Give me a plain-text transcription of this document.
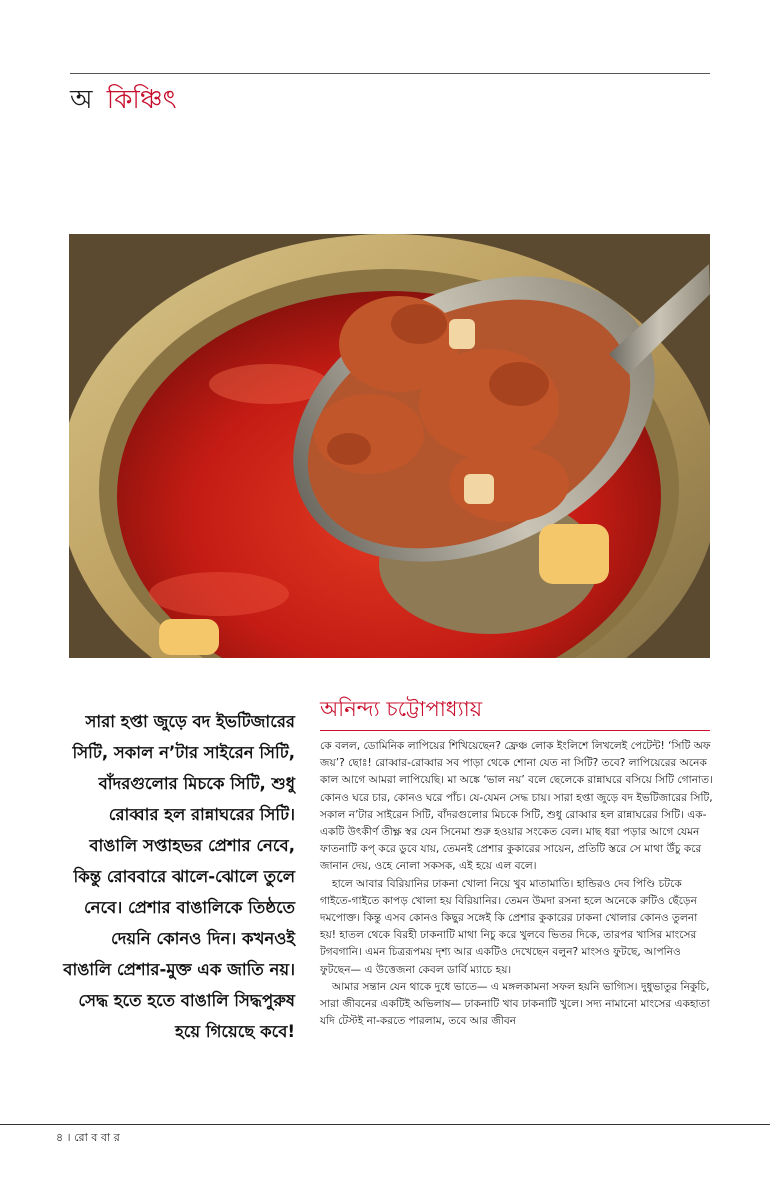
অ কিঞ্চিৎ
সারা হপ্তা জুড়ে বদ ইভটিজারের সিটি, সকাল ন’টার সাইরেন সিটি, বাঁদরগুলোর মিচকে সিটি, শুধু রোব্বার হল রান্নাঘরের সিটি। বাঙালি সপ্তাহভর প্রেশার নেবে, কিন্তু রোববারে ঝালে-ঝোলে তুলে নেবে। প্রেশার বাঙালিকে তিষ্ঠতে দেয়নি কোনও দিন। কখনওই বাঙালি প্রেশার-মুক্ত এক জাতি নয়। সেদ্ধ হতে হতে বাঙালি সিদ্ধপুরুষ হয়ে গিয়েছে কবে!
অনিন্দ্য চট্টোপাধ্যায়

কে বলল, ডোমিনিক লাপিয়ের শিখিয়েছেন? ফ্রেঞ্চ লোক ইংলিশে লিখলেই পেটেন্ট! ‘সিটি অফ জয়’? ছোঃ! রোব্বার-রোব্বার সব পাড়া থেকে শোনা যেত না সিটি? তবে? লাপিয়েরের অনেক কাল আগে আমরা লাপিয়েছি। মা অঙ্কে ‘ভাল নয়’ বলে ছেলেকে রান্নাঘরে বসিয়ে সিটি গোনাত। কোনও ঘরে চার, কোনও ঘরে পাঁচ। যে-যেমন সেদ্ধ চায়। সারা হপ্তা জুড়ে বদ ইভটিজারের সিটি, সকাল ন’টার সাইরেন সিটি, বাঁদরগুলোর মিচকে সিটি, শুধু রোব্বার হল রান্নাঘরের সিটি। এক-একটি উৎকীর্ণ তীক্ষ্ণ স্বর যেন সিনেমা শুরু হওয়ার সংকেত বেল। মাছ ধরা পড়ার আগে যেমন ফাতনাটি কপ্‌ করে ডুবে যায়, তেমনই প্রেশার কুকারের সায়েন, প্রতিটি স্তরে সে মাথা উঁচু করে জানান দেয়, ওহে নোলা সকসক, এই হয়ে এল বলে।

হালে আবার বিরিয়ানির ঢাকনা খোলা নিয়ে খুব মাতামাতি। হান্ডিরও দেব পিণ্ডি চটকে গাইতে-গাইতে কাপড় খোলা হয় বিরিয়ানির। তেমন উমদা রসনা হলে অনেকে রুটিও ছেঁড়েন দমপোক্ত। কিন্তু এসব কোনও কিছুর সঙ্গেই কি প্রেশার কুকারের ঢাকনা খোলার কোনও তুলনা হয়! হাতল থেকে বিরহী ঢাকনাটি মাথা নিচু করে খুলবে ভিতর দিকে, তারপর খাসির মাংসের টগবগানি। এমন চিত্ররূপময় দৃশ্য আর একটিও দেখেছেন বলুন? মাংসও ফুটছে, আপনিও ফুটছেন— এ উত্তেজনা কেবল ডার্বি ম্যাচে হয়।

আমার সন্তান যেন থাকে দুধে ভাতে— এ মঙ্গলকামনা সফল হয়নি ভাগ্যিস। দুধুভাতুর নিকুচি, সারা জীবনের একটিই অভিলাষ— ঢাকনাটি খাব ঢাকনাটি খুলে। সদ্য নামানো মাংসের একহাতা যদি টেস্টই না-করতে পারলাম, তবে আর জীবন

৪ । রো ব বা র
